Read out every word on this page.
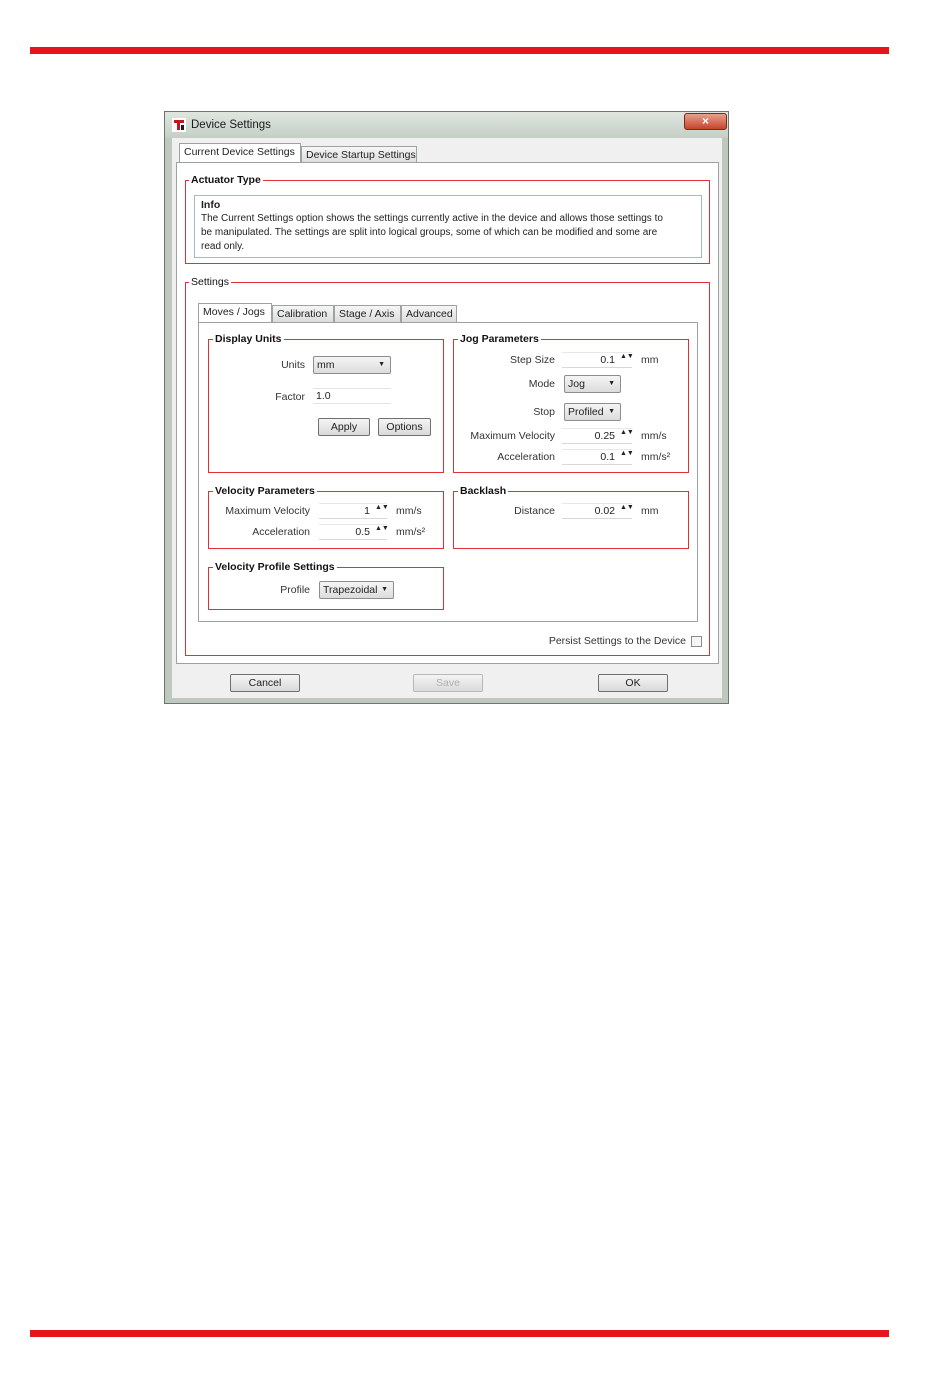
Device Settings	×
Current Device Settings	Device Startup Settings
Actuator Type
Info
The Current Settings option shows the settings currently active in the device and allows those settings to
be manipulated. The settings are split into logical groups, some of which can be modified and some are
read only.
Settings
Moves / Jogs	Calibration	Stage / Axis	Advanced
Display Units
Units	mm	▼
Factor 1.0
Apply	Options
Jog Parameters
Step Size	0.1 ▲▼ mm
Mode	Jog	▼
Stop	Profiled ▼
Maximum Velocity	0.25 ▲▼ mm/s
Acceleration	0.1 ▲▼ mm/s²
Velocity Parameters
Maximum Velocity	1 ▲▼ mm/s
Acceleration	0.5 ▲▼ mm/s²
Backlash
Distance	0.02 ▲▼ mm
Velocity Profile Settings
Profile	Trapezoidal ▼
Persist Settings to the Device
Cancel	Save	OK
